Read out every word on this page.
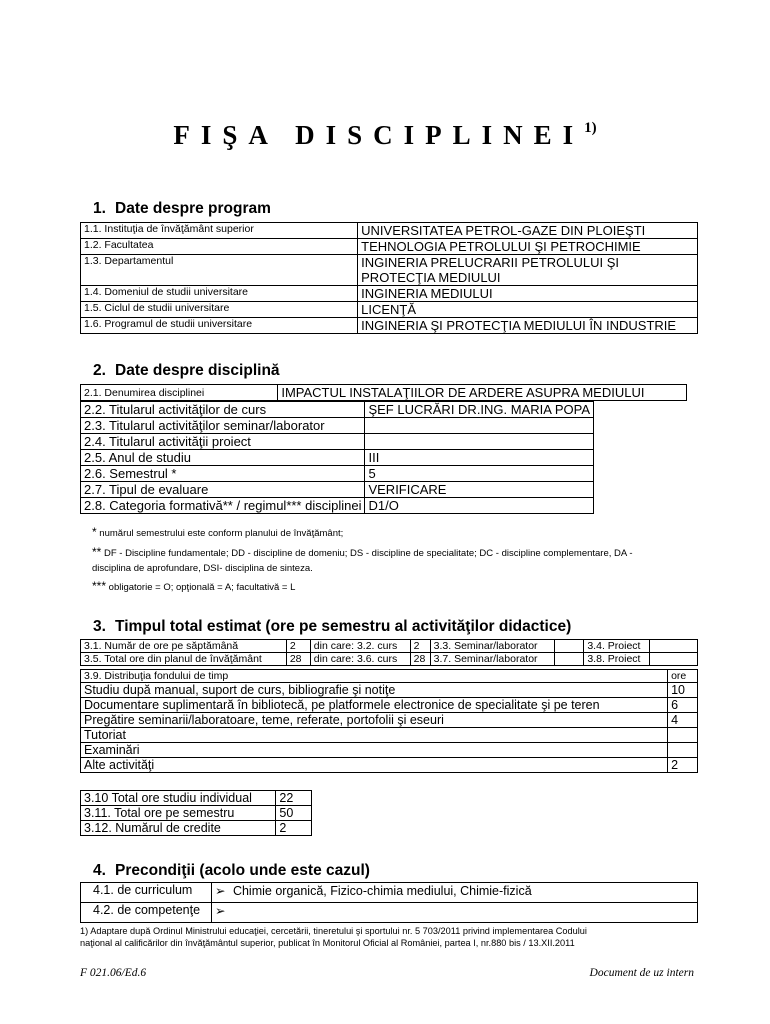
FIŞA DISCIPLINEI$^{1)}$
1. Date despre program
1.1. Instituţia de învăţământ superior	UNIVERSITATEA PETROL-GAZE DIN PLOIEŞTI
1.2. Facultatea	TEHNOLOGIA PETROLULUI ŞI PETROCHIMIE
1.3. Departamentul	INGINERIA PRELUCRARII PETROLULUI ŞI
PROTECŢIA MEDIULUI

1.4. Domeniul de studii universitare	INGINERIA MEDIULUI
1.5. Ciclul de studii universitare	LICENŢĂ
1.6. Programul de studii universitare	INGINERIA ŞI PROTECŢIA MEDIULUI ÎN INDUSTRIE
2. Date despre disciplină
2.1. Denumirea disciplinei	IMPACTUL INSTALAŢIILOR DE ARDERE ASUPRA MEDIULUI
2.2. Titularul activităţilor de curs	ŞEF LUCRĂRI DR.ING. MARIA POPA
2.3. Titularul activităţilor seminar/laborator	
2.4. Titularul activităţii proiect	
2.5. Anul de studiu	III
2.6. Semestrul *	5
2.7. Tipul de evaluare	VERIFICARE
2.8. Categoria formativă** / regimul*** disciplinei	D1/O
* numărul semestrului este conform planului de învăţământ;
** DF - Discipline fundamentale; DD - discipline de domeniu; DS - discipline de specialitate; DC - discipline complementare, DA -
disciplina de aprofundare, DSI- disciplina de sinteza.
*** obligatorie = O; opţională = A; facultativă = L
3. Timpul total estimat (ore pe semestru al activităţilor didactice)
3.1. Număr de ore pe săptămână	2	din care: 3.2. curs	2	3.3. Seminar/laborator		3.4. Proiect	
3.5. Total ore din planul de învăţământ	28	din care: 3.6. curs	28	3.7. Seminar/laborator		3.8. Proiect	
3.9. Distribuţia fondului de timp	ore
Studiu după manual, suport de curs, bibliografie şi notiţe	10
Documentare suplimentară în bibliotecă, pe platformele electronice de specialitate şi pe teren	6
Pregătire seminarii/laboratoare, teme, referate, portofolii şi eseuri	4
Tutoriat	
Examinări	
Alte activităţi	2
3.10 Total ore studiu individual	22
3.11. Total ore pe semestru	50
3.12. Numărul de credite	2
4. Precondiţii (acolo unde este cazul)
4.1. de curriculum	➢ Chimie organică, Fizico-chimia mediului, Chimie-fizică
4.2. de competenţe	➢
1) Adaptare după Ordinul Ministrului educaţiei, cercetării, tineretului şi sportului nr. 5 703/2011 privind implementarea Codului
naţional al calificărilor din învăţământul superior, publicat în Monitorul Oficial al României, partea I, nr.880 bis / 13.XII.2011
F 021.06/Ed.6	Document de uz intern
